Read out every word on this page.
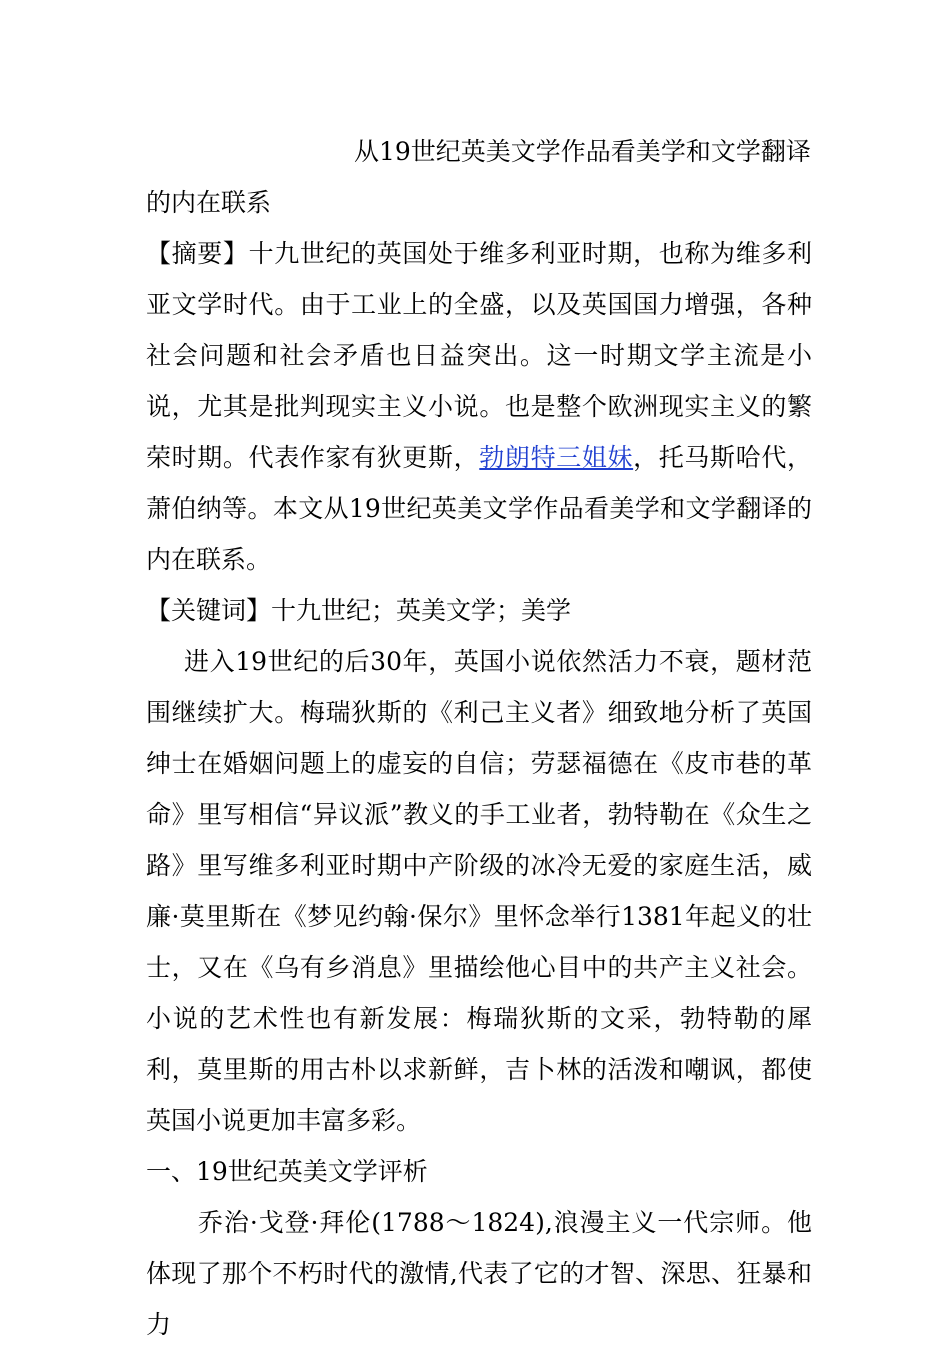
从19世纪英美文学作品看美学和文学翻译的内在联系

【摘要】十九世纪的英国处于维多利亚时期，也称为维多利亚文学时代。由于工业上的全盛，以及英国国力增强，各种社会问题和社会矛盾也日益突出。这一时期文学主流是小说，尤其是批判现实主义小说。也是整个欧洲现实主义的繁荣时期。代表作家有狄更斯，勃朗特三姐妹，托马斯哈代，萧伯纳等。本文从19世纪英美文学作品看美学和文学翻译的内在联系。

【关键词】十九世纪；英美文学；美学

进入19世纪的后30年，英国小说依然活力不衰，题材范围继续扩大。梅瑞狄斯的《利己主义者》细致地分析了英国绅士在婚姻问题上的虚妄的自信；劳瑟福德在《皮市巷的革命》里写相信“异议派”教义的手工业者，勃特勒在《众生之路》里写维多利亚时期中产阶级的冰冷无爱的家庭生活，威廉·莫里斯在《梦见约翰·保尔》里怀念举行1381年起义的壮士，又在《乌有乡消息》里描绘他心目中的共产主义社会。小说的艺术性也有新发展：梅瑞狄斯的文采，勃特勒的犀利，莫里斯的用古朴以求新鲜，吉卜林的活泼和嘲讽，都使英国小说更加丰富多彩。

一、19世纪英美文学评析

乔治·戈登·拜伦(1788～1824),浪漫主义一代宗师。他体现了那个不朽时代的激情,代表了它的才智、深思、狂暴和力
